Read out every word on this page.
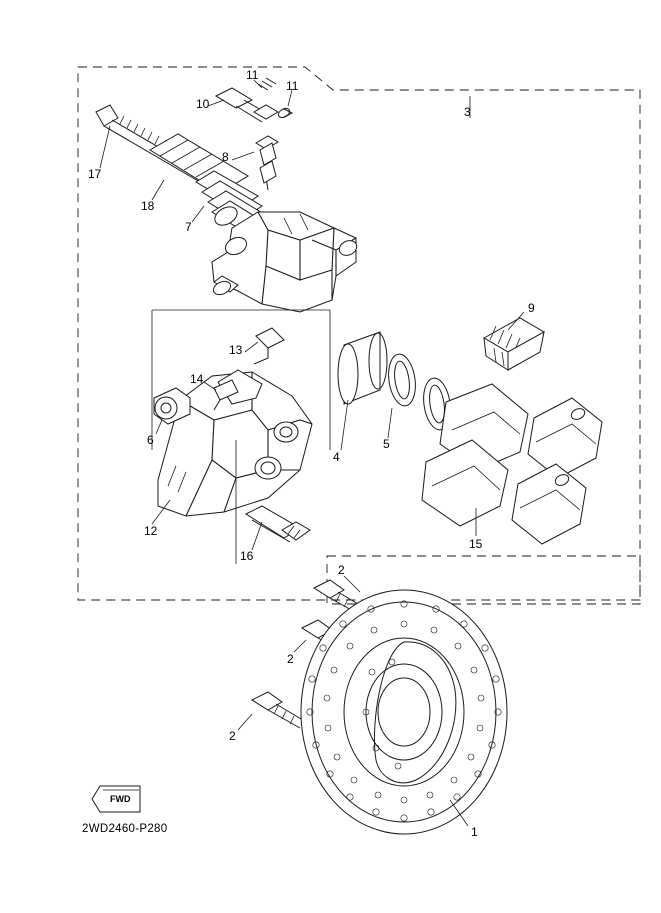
11
11
10
3
8
17
18
7
9
13
14
6
4
5
12
16
15
2
2
2
1
FWD
2WD2460-P280
